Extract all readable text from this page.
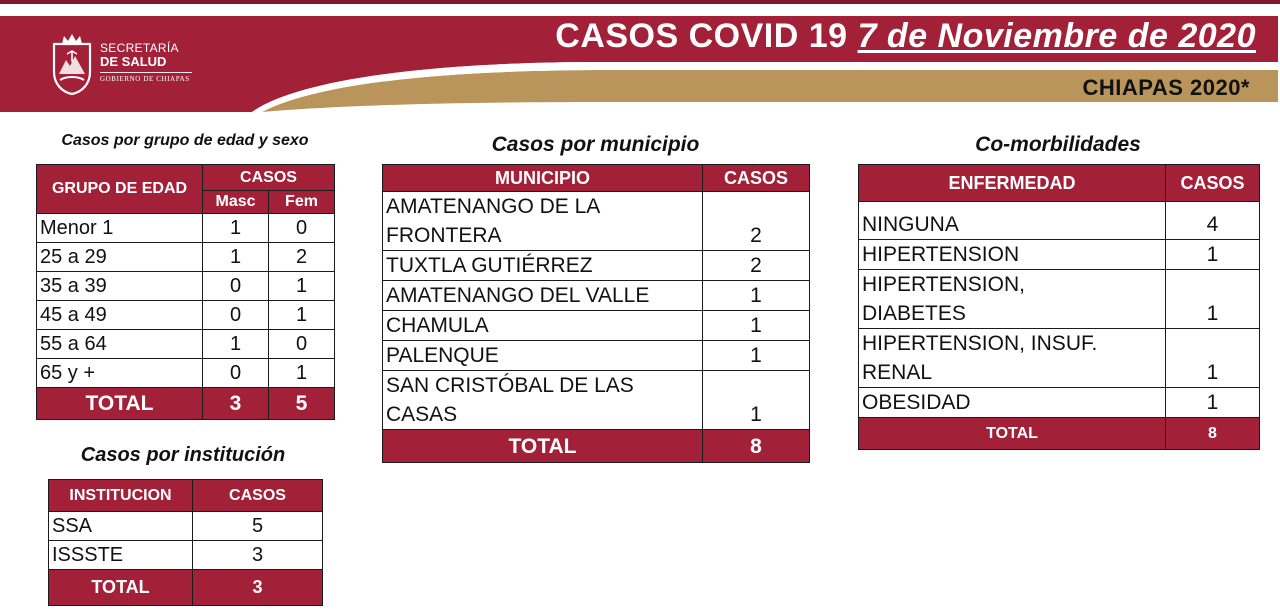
SECRETARÍA
DE SALUD
GOBIERNO DE CHIAPAS
CASOS COVID 19 7 de Noviembre de 2020
CHIAPAS 2020*
Casos por grupo de edad y sexo
GRUPO DE EDAD	CASOS	
	Masc	Fem
Menor 1	1	0
25 a 29	1	2
35 a 39	0	1
45 a 49	0	1
55 a 64	1	0
65 y +	0	1
TOTAL	3	5
Casos por institución
INSTITUCION	CASOS
SSA	5
ISSSTE	3
TOTAL	3
Casos por municipio
MUNICIPIO	CASOS

AMATENANGO DE LA
FRONTERA	2
TUXTLA GUTIÉRREZ	2
AMATENANGO DEL VALLE	1
CHAMULA	1
PALENQUE	1

SAN CRISTÓBAL DE LAS
CASAS	1
TOTAL	8
Co-morbilidades
ENFERMEDAD	CASOS
NINGUNA	4
HIPERTENSION	1

HIPERTENSION,
DIABETES	1

HIPERTENSION, INSUF.
RENAL	1
OBESIDAD	1
TOTAL	8
